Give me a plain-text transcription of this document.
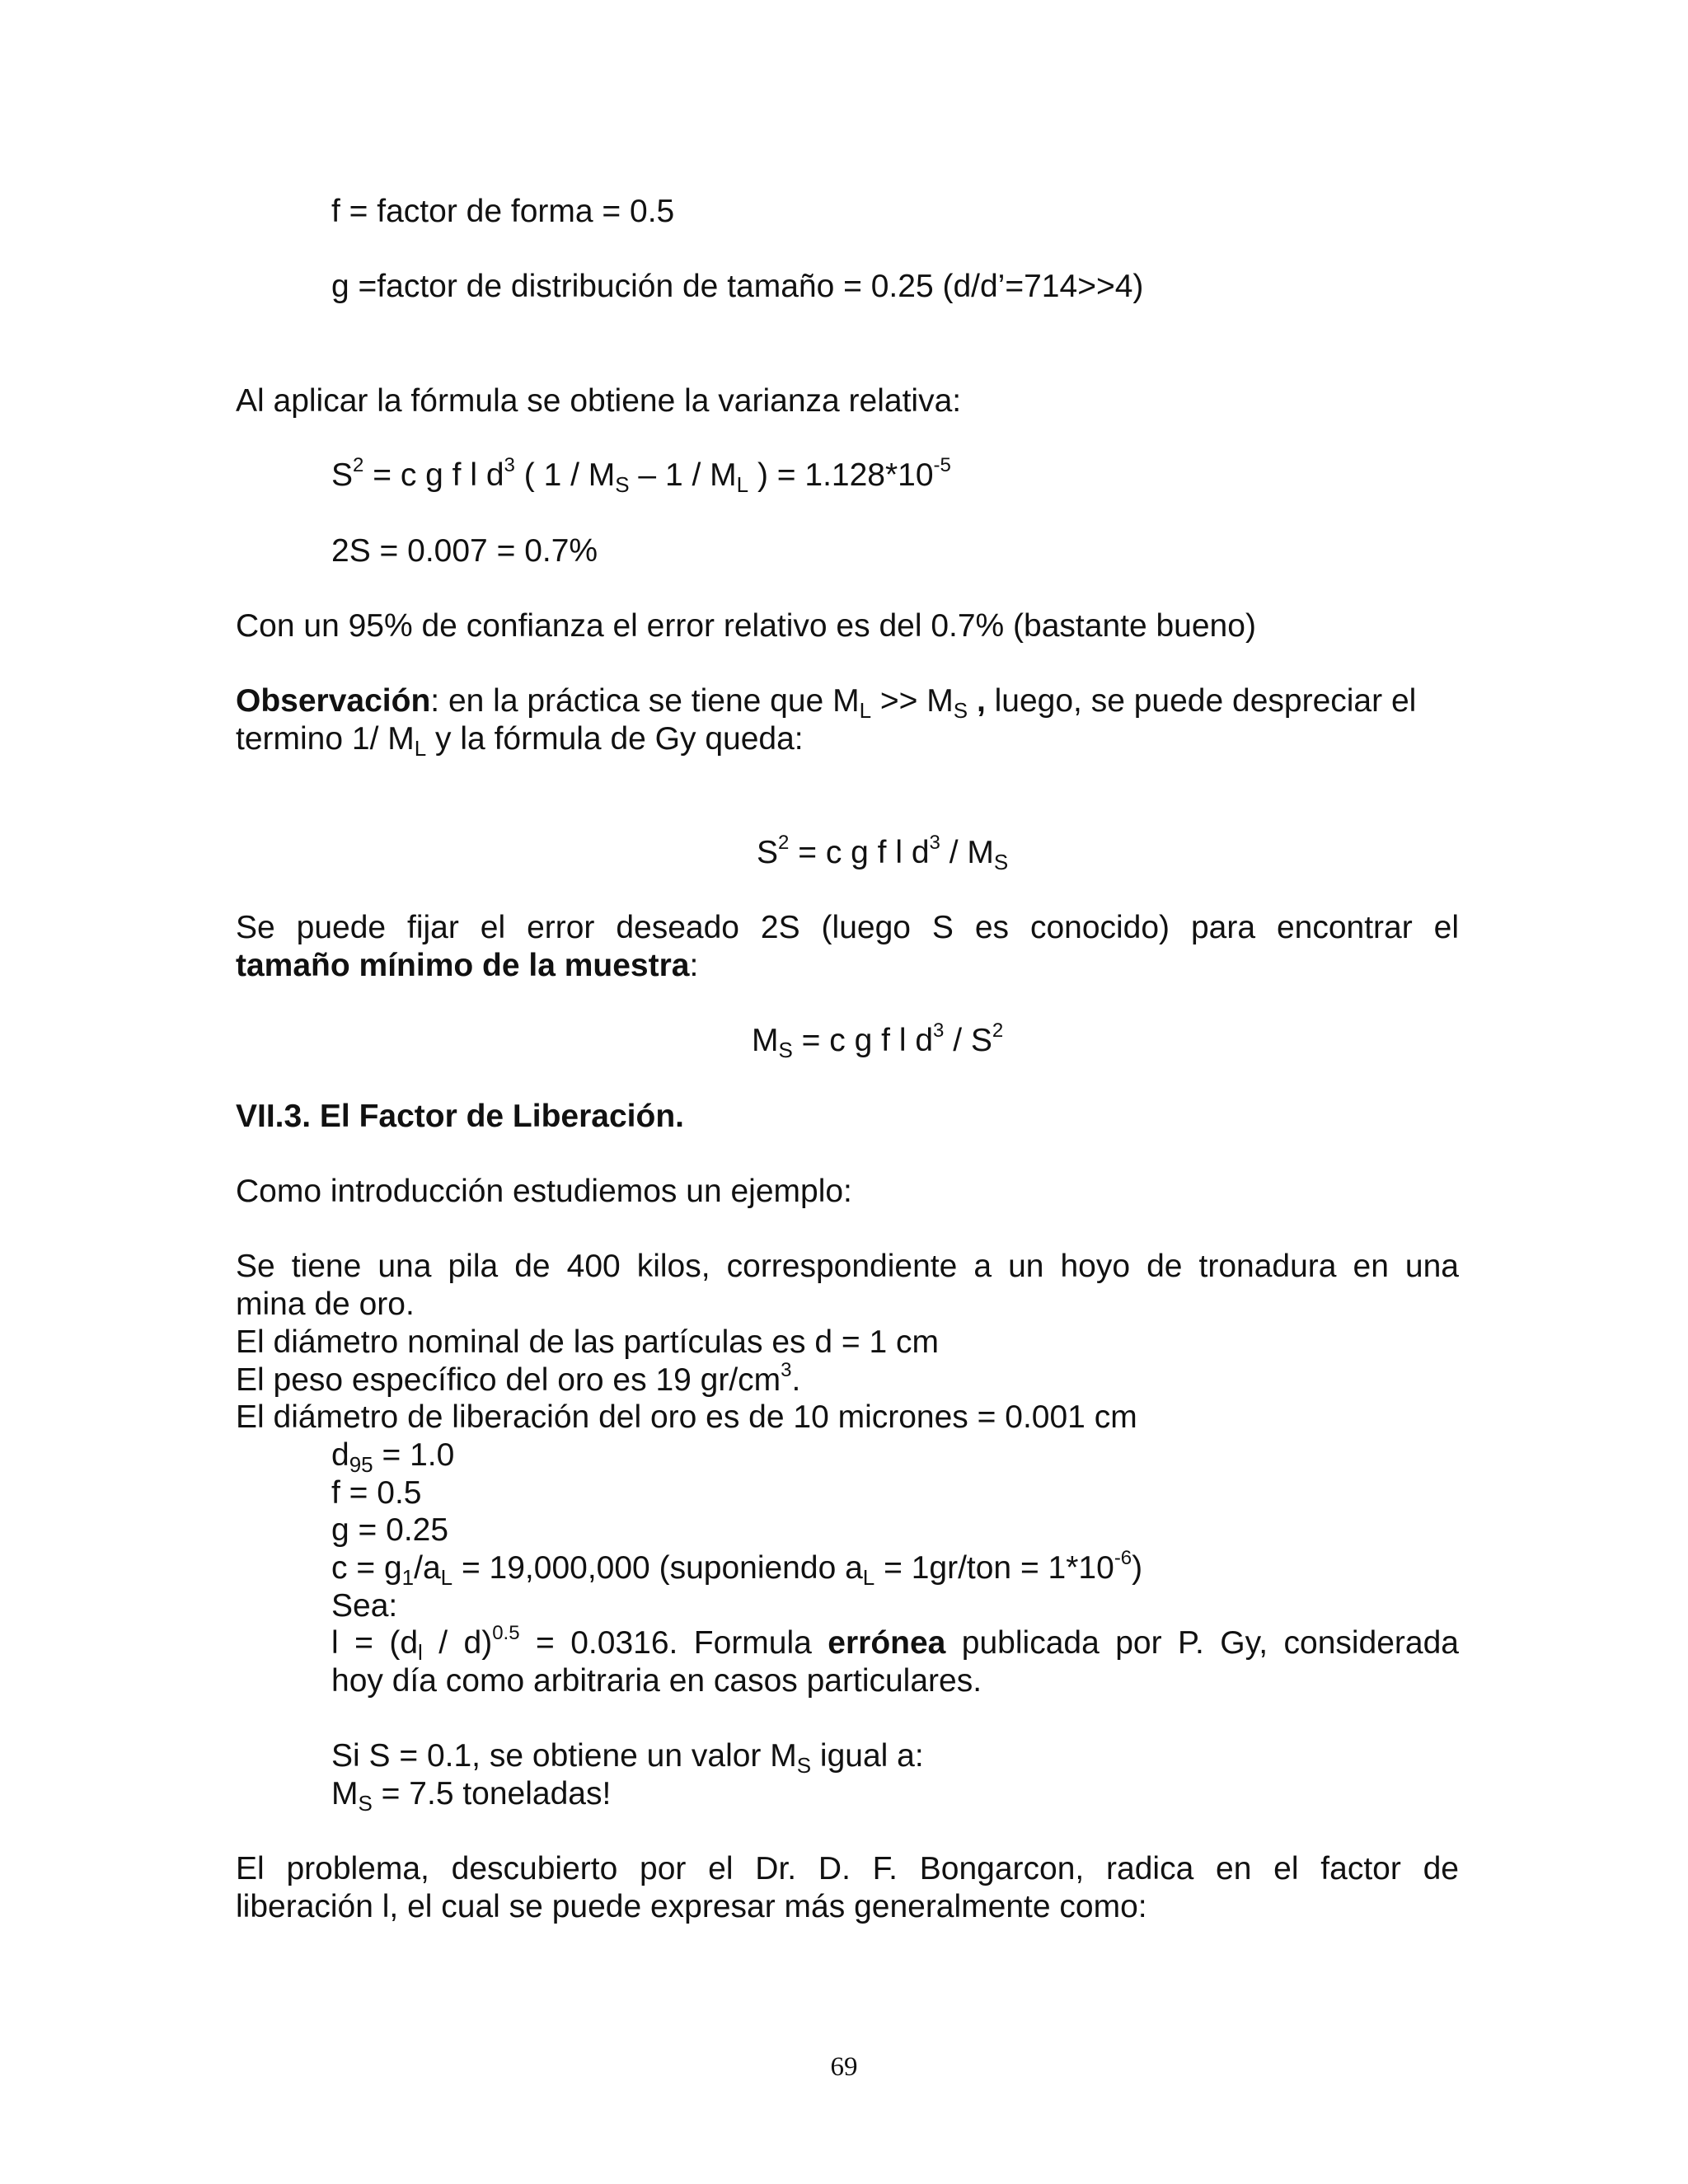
f = factor de forma = 0.5
g =factor de distribución de tamaño = 0.25 (d/d’=714>>4)
Al aplicar la fórmula se obtiene la varianza relativa:
$S^2 = c$ g f l $d^3$ ( $1 / M_S - 1 / M_L$ ) = $1.128*10^{-5}$
2S = 0.007 = 0.7%
Con un 95% de confianza el error relativo es del 0.7% (bastante bueno)
Observación: en la práctica se tiene que $M_L >> M_S$ , luego, se puede despreciar el
termino 1/ $M_L$ y la fórmula de Gy queda:
$S^2 = c$ g f l $d^3 / M_S$
Se puede fijar el error deseado 2S (luego S es conocido) para encontrar el
tamaño mínimo de la muestra:
$M_S = c$ g f l $d^3 / S^2$
VII.3. El Factor de Liberación.
Como introducción estudiemos un ejemplo:
Se tiene una pila de 400 kilos, correspondiente a un hoyo de tronadura en una
mina de oro.
El diámetro nominal de las partículas es d = 1 cm
El peso específico del oro es 19 $gr/cm^3$.
El diámetro de liberación del oro es de 10 micrones = 0.001 cm
$d_{95} = 1.0$
f = 0.5
g = 0.25
$c = g_1/a_L = 19,000,000$ (suponiendo $a_L = 1gr/ton = 1*10^{-6}$)
Sea:
$l = (d_l / d)^{0.5} = 0.0316$. Formula errónea publicada por P. Gy, considerada
hoy día como arbitraria en casos particulares.
Si S = 0.1, se obtiene un valor $M_S$ igual a:
$M_S = 7.5$ toneladas!
El problema, descubierto por el Dr. D. F. Bongarcon, radica en el factor de
liberación l, el cual se puede expresar más generalmente como:
69
